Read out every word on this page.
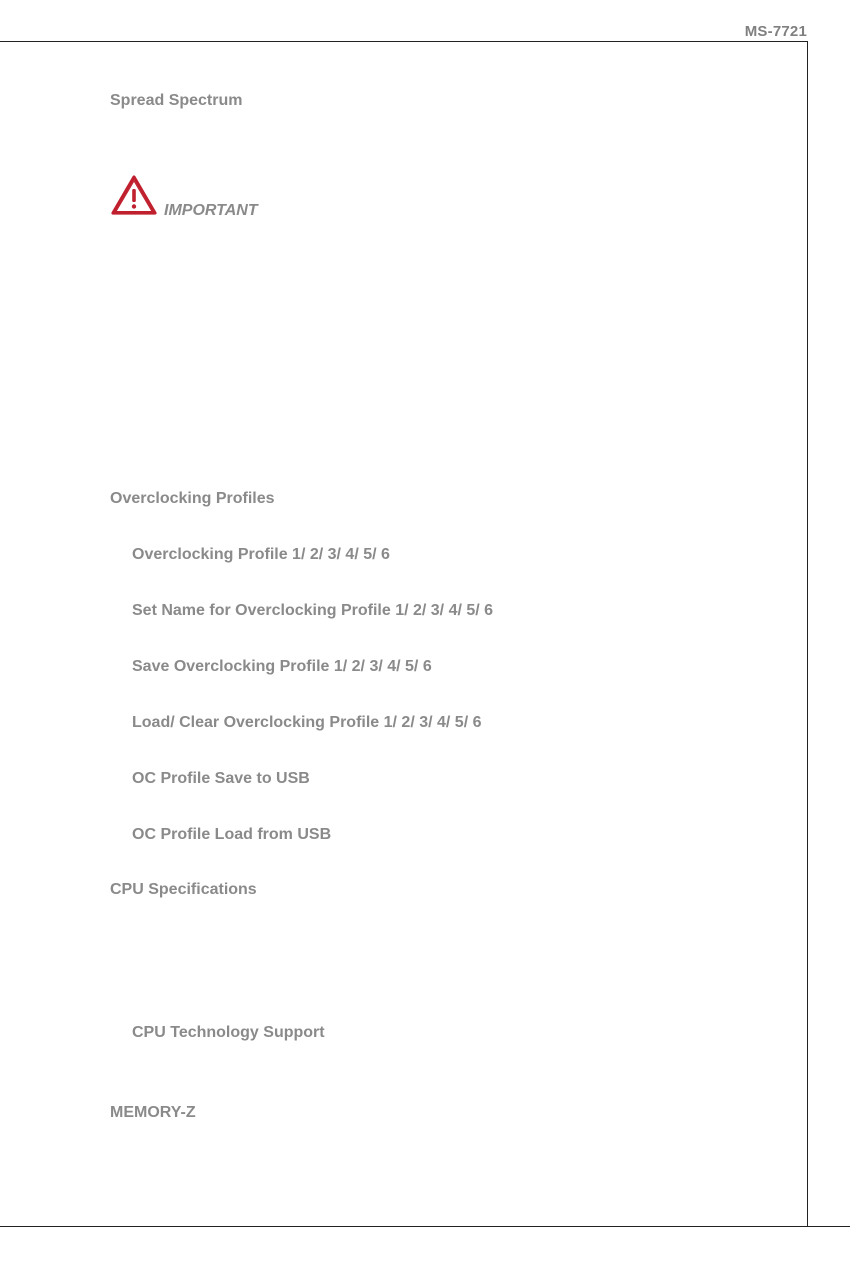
MS-7721
Spread Spectrum
IMPORTANT
Overclocking Profiles
Overclocking Profile 1/ 2/ 3/ 4/ 5/ 6
Set Name for Overclocking Profile 1/ 2/ 3/ 4/ 5/ 6
Save Overclocking Profile 1/ 2/ 3/ 4/ 5/ 6
Load/ Clear Overclocking Profile 1/ 2/ 3/ 4/ 5/ 6
OC Profile Save to USB
OC Profile Load from USB
CPU Specifications
CPU Technology Support
MEMORY-Z
